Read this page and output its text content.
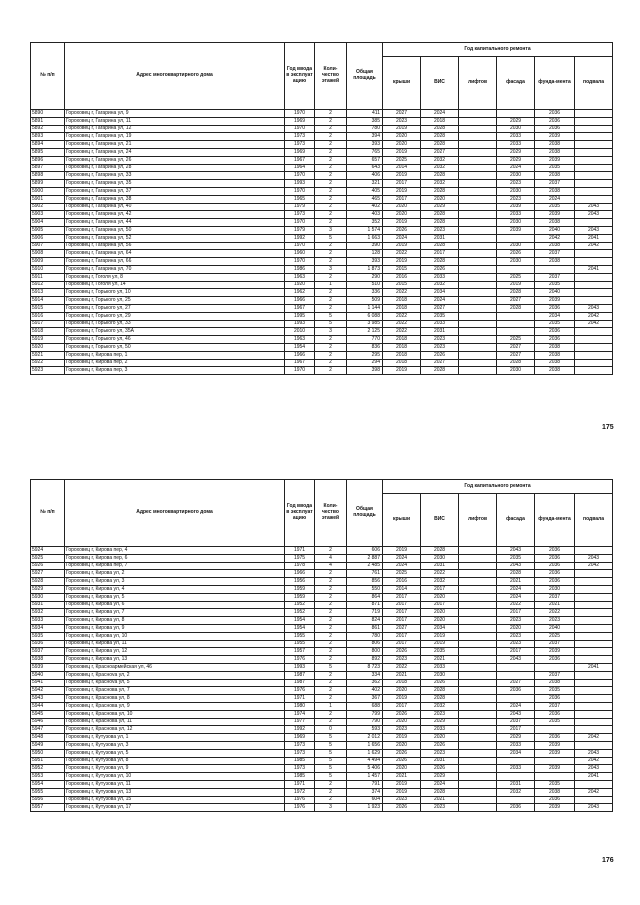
№ п/п	Адрес многоквартирного дома	Год ввода в эксплуат ацию	Коли-чество этажей	Общая площадь	Год капитального ремонта					
					крыши	ВИС	лифтов	фасада	фунда-мента	подвала
5890	Гороховец г, Гагарина ул, 9	1970	2	411	2027	2024			2036	
5891	Гороховец г, Гагарина ул, 11	1969	2	385	2023	2018		2029	2036	
5892	Гороховец г, Гагарина ул, 12	1970	2	780	2019	2028		2030	2036	
5893	Гороховец г, Гагарина ул, 19	1973	2	394	2020	2028		2033	2039	
5894	Гороховец г, Гагарина ул, 21	1973	2	393	2020	2028		2033	2038	
5895	Гороховец г, Гагарина ул, 24	1969	2	765	2019	2027		2029	2038	
5896	Гороховец г, Гагарина ул, 26	1967	2	657	2025	2032		2029	2039	
5897	Гороховец г, Гагарина ул, 28	1964	2	643	2014	2032		2024	2035	
5898	Гороховец г, Гагарина ул, 33	1970	2	406	2019	2028		2030	2038	
5899	Гороховец г, Гагарина ул, 35	1993	2	321	2017	2032		2023	2037	
5900	Гороховец г, Гагарина ул, 37	1970	2	405	2019	2028		2030	2038	
5901	Гороховец г, Гагарина ул, 38	1965	2	465	2017	2020		2023	2024	
5902	Гороховец г, Гагарина ул, 40	1979	2	402	2020	2029		2039	2035	2043
5903	Гороховец г, Гагарина ул, 42	1973	2	403	2020	2028		2033	2039	2043
5904	Гороховец г, Гагарина ул, 44	1970	2	352	2019	2028		2030	2038	
5905	Гороховец г, Гагарина ул, 50	1979	3	1 574	2026	2023		2039	2040	2043
5906	Гороховец г, Гагарина ул, 52	1992	5	1 663	2024	2031			2042	2041
5907	Гороховец г, Гагарина ул, 56	1970	2	390	2019	2028		2030	2038	2042
5908	Гороховец г, Гагарина ул, 64	1960	2	128	2022	2017		2026	2037	
5909	Гороховец г, Гагарина ул, 66	1970	2	393	2019	2028		2030	2038	
5910	Гороховец г, Гагарина ул, 70	1986	3	1 873	2015	2026				2041
5911	Гороховец г, Гоголя ул, 8	1963	2	290	2016	2033		2025	2037	
5912	Гороховец г, Гоголя ул, 14	1920	1	510	2015	2032		2019	2035	
5913	Гороховец г, Горького ул, 10	1962	2	336	2022	2034		2028	2040	
5914	Гороховец г, Горького ул, 25	1966	2	509	2018	2024		2027	2039	
5915	Гороховец г, Горького ул, 27	1967	2	1 144	2018	2027		2028	2036	2043
5916	Гороховец г, Горького ул, 29	1995	5	6 088	2022	2035			2034	2042
5917	Гороховец г, Горького ул, 33	1993	5	3 985	2022	2033			2035	2042
5918	Гороховец г, Горького ул, 35А	2010	3	2 125	2022	2031			2036	
5919	Гороховец г, Горького ул, 46	1963	2	770	2018	2023		2025	2036	
5920	Гороховец г, Горького ул, 50	1954	2	836	2018	2023		2027	2038	
5921	Гороховец г, Кирова пер, 1	1966	2	295	2018	2026		2027	2038	
5922	Гороховец г, Кирова пер, 2	1967	2	294	2018	2027		2028	2038	
5923	Гороховец г, Кирова пер, 3	1970	2	398	2019	2028		2030	2038	
175
№ п/п	Адрес многоквартирного дома	Год ввода в эксплуат ацию	Коли-чество этажей	Общая площадь	Год капитального ремонта					
					крыши	ВИС	лифтов	фасада	фунда-мента	подвала
5924	Гороховец г, Кирова пер, 4	1971	2	606	2019	2028		2043	2036	
5925	Гороховец г, Кирова пер, 6	1975	4	2 887	2024	2030		2035	2036	2043
5926	Гороховец г, Кирова пер, 7	1978	4	2 485	2024	2031		2043	2036	2042
5927	Гороховец г, Кирова ул, 2	1966	2	761	2025	2022		2028	2036	
5928	Гороховец г, Кирова ул, 3	1956	2	856	2016	2032		2021	2036	
5929	Гороховец г, Кирова ул, 4	1959	2	550	2014	2017		2024	2030	
5930	Гороховец г, Кирова ул, 5	1959	2	864	2017	2020		2024	2037	
5931	Гороховец г, Кирова ул, 6	1952	2	871	2017	2017		2022	2021	
5932	Гороховец г, Кирова ул, 7	1952	2	719	2017	2020		2017	2022	
5933	Гороховец г, Кирова ул, 8	1954	2	824	2017	2020		2023	2023	
5934	Гороховец г, Кирова ул, 9	1954	2	861	2027	2034		2020	2040	
5935	Гороховец г, Кирова ул, 10	1955	2	780	2017	2019		2023	2025	
5936	Гороховец г, Кирова ул, 11	1955	2	806	2017	2019		2023	2037	
5937	Гороховец г, Кирова ул, 12	1957	2	800	2026	2035		2017	2039	
5938	Гороховец г, Кирова ул, 13	1976	2	892	2023	2021		2043	2036	
5939	Гороховец г, Красноармейская ул, 46	1993	5	8 723	2022	2033				2041
5940	Гороховец г, Красноva ул, 2	1987	2	334	2021	2030			2037	
5941	Гороховец г, Красноva ул, 5	1987	2	362	2018	2026		2027	2038	
5942	Гороховец г, Краснова ул, 7	1976	2	402	2020	2028		2036	2035	
5943	Гороховец г, Краснова ул, 8	1971	2	367	2019	2028			2036	
5944	Гороховец г, Краснова ул, 9	1980	1	688	2017	2032		2024	2037	
5945	Гороховец г, Краснова ул, 10	1974	2	799	2026	2023		2043	2036	
5946	Гороховец г, Краснова ул, 11	1977	2	790	2020	2029		2037	2035	
5947	Гороховец г, Краснова ул, 12	1992	0	593	2023	2033		2017		
5948	Гороховец г, Кутузова ул, 1	1969	5	2 012	2019	2020		2029	2036	2042
5949	Гороховец г, Кутузова ул, 3	1973	5	1 656	2020	2026		2033	2039	
5950	Гороховец г, Кутузова ул, 5	1973	5	1 629	2026	2023		2034	2039	2043
5951	Гороховец г, Кутузова ул, 8	1985	5	4 494	2026	2031				2042
5952	Гороховец г, Кутузова ул, 9	1973	5	5 406	2020	2026		2033	2039	2043
5953	Гороховец г, Кутузова ул, 10	1985	5	1 457	2021	2029				2041
5954	Гороховец г, Кутузова ул, 11	1971	2	791	2019	2024		2031	2035	
5955	Гороховец г, Кутузова ул, 13	1972	2	374	2019	2028		2032	2038	2042
5956	Гороховец г, Кутузова ул, 15	1976	2	604	2023	2021			2036	
5957	Гороховец г, Кутузова ул, 17	1976	3	1 923	2026	2023		2036	2039	2043
176
